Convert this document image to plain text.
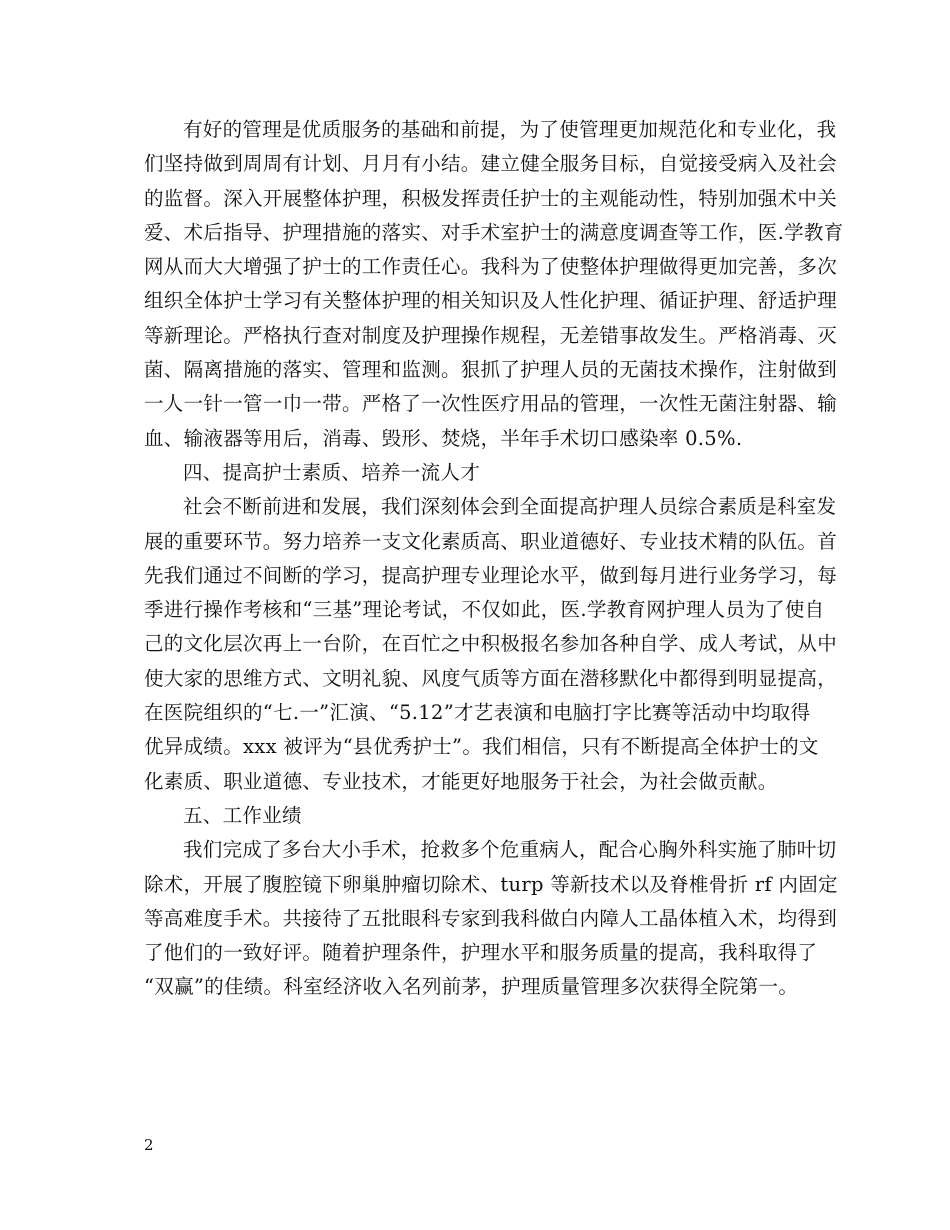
有好的管理是优质服务的基础和前提，为了使管理更加规范化和专业化，我
们坚持做到周周有计划、月月有小结。建立健全服务目标，自觉接受病入及社会
的监督。深入开展整体护理，积极发挥责任护士的主观能动性，特别加强术中关
爱、术后指导、护理措施的落实、对手术室护士的满意度调查等工作，医.学教育
网从而大大增强了护士的工作责任心。我科为了使整体护理做得更加完善，多次
组织全体护士学习有关整体护理的相关知识及人性化护理、循证护理、舒适护理
等新理论。严格执行查对制度及护理操作规程，无差错事故发生。严格消毒、灭
菌、隔离措施的落实、管理和监测。狠抓了护理人员的无菌技术操作，注射做到
一人一针一管一巾一带。严格了一次性医疗用品的管理，一次性无菌注射器、输
血、输液器等用后，消毒、毁形、焚烧，半年手术切口感染率 0.5%.
四、提高护士素质、培养一流人才
社会不断前进和发展，我们深刻体会到全面提高护理人员综合素质是科室发
展的重要环节。努力培养一支文化素质高、职业道德好、专业技术精的队伍。首
先我们通过不间断的学习，提高护理专业理论水平，做到每月进行业务学习，每
季进行操作考核和“三基”理论考试，不仅如此，医.学教育网护理人员为了使自
己的文化层次再上一台阶，在百忙之中积极报名参加各种自学、成人考试，从中
使大家的思维方式、文明礼貌、风度气质等方面在潜移默化中都得到明显提高，
在医院组织的“七.一”汇演、“5.12”才艺表演和电脑打字比赛等活动中均取得
优异成绩。xxx 被评为“县优秀护士”。我们相信，只有不断提高全体护士的文
化素质、职业道德、专业技术，才能更好地服务于社会，为社会做贡献。
五、工作业绩
我们完成了多台大小手术，抢救多个危重病人，配合心胸外科实施了肺叶切
除术，开展了腹腔镜下卵巢肿瘤切除术、turp 等新技术以及脊椎骨折 rf 内固定
等高难度手术。共接待了五批眼科专家到我科做白内障人工晶体植入术，均得到
了他们的一致好评。随着护理条件，护理水平和服务质量的提高，我科取得了
“双赢”的佳绩。科室经济收入名列前茅，护理质量管理多次获得全院第一。
2
